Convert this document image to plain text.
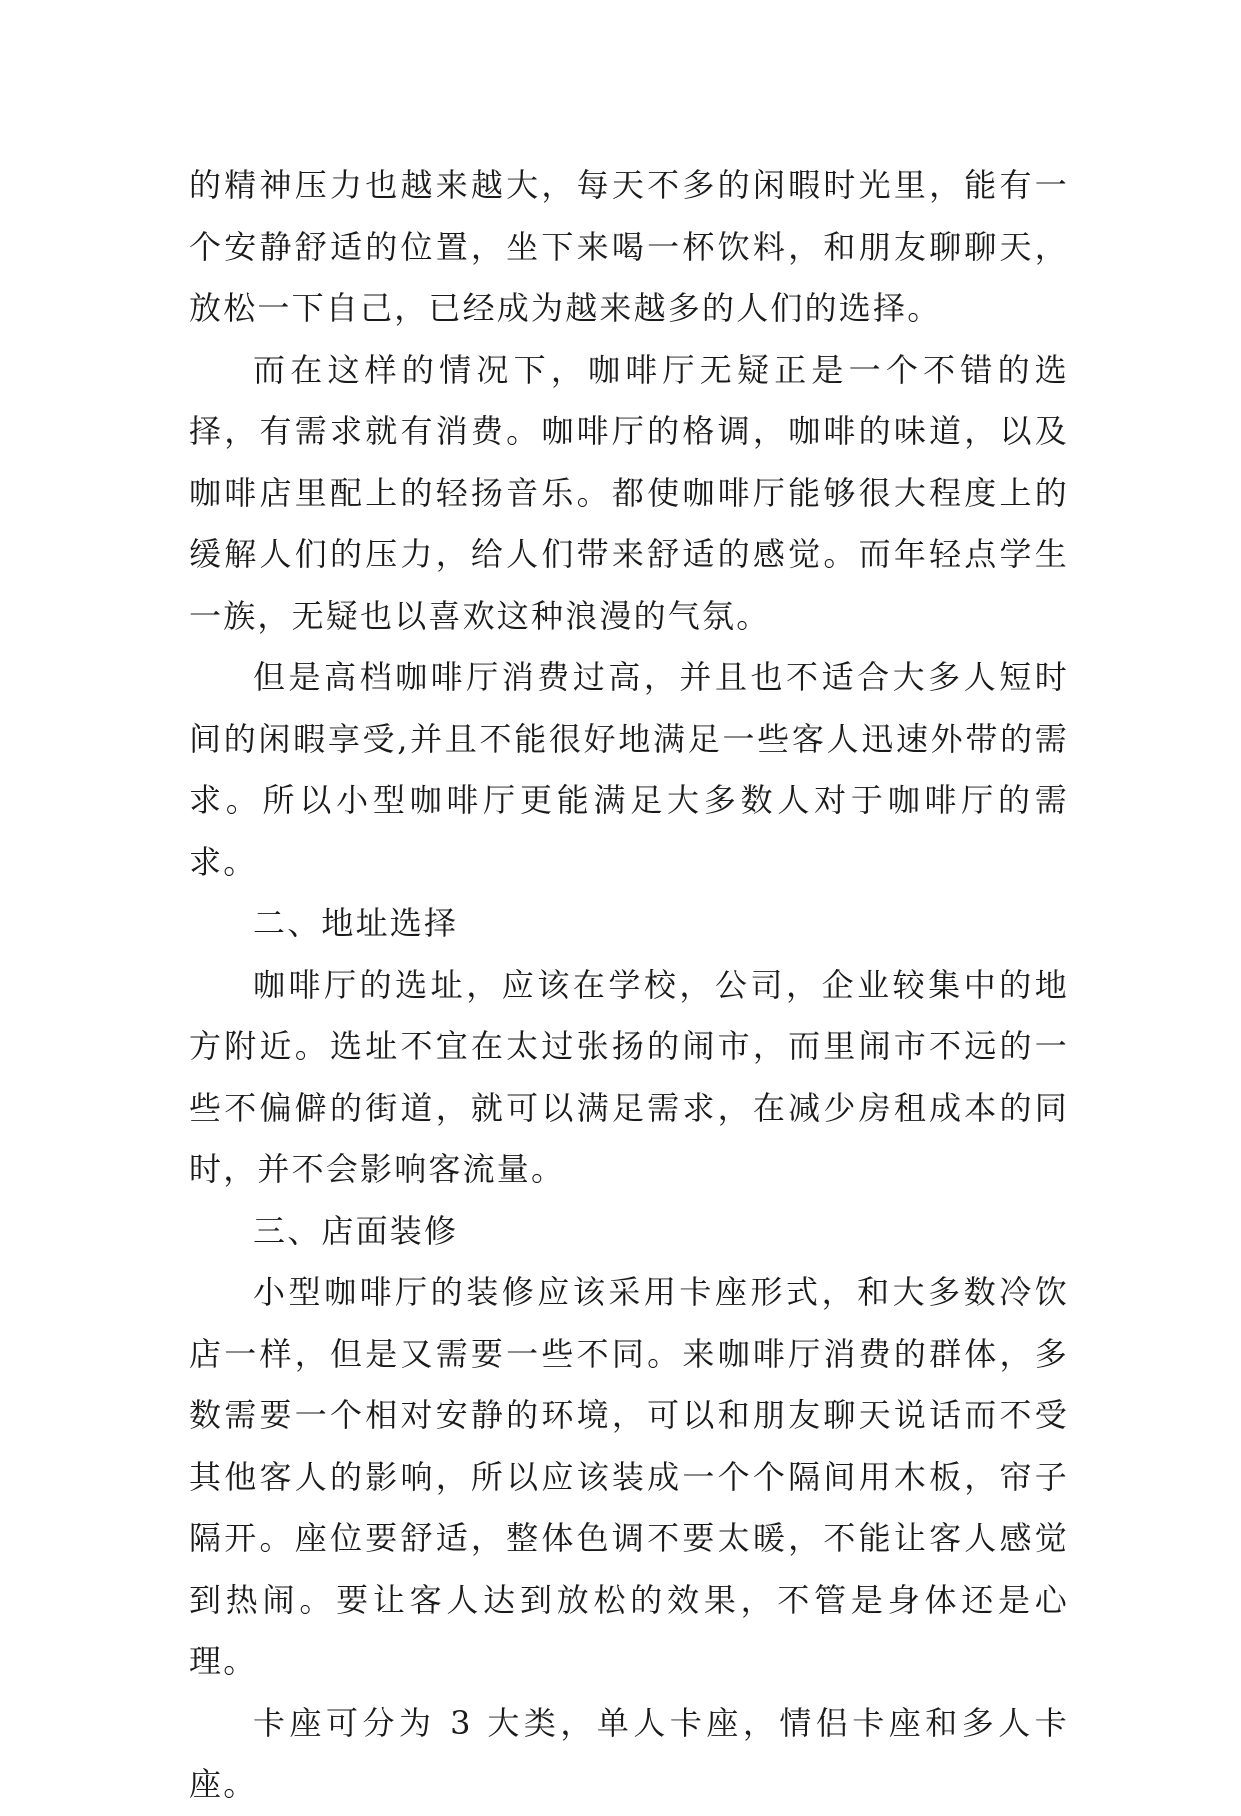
的精神压力也越来越大，每天不多的闲暇时光里，能有一个安静舒适的位置，坐下来喝一杯饮料，和朋友聊聊天，放松一下自己，已经成为越来越多的人们的选择。

而在这样的情况下，咖啡厅无疑正是一个不错的选择，有需求就有消费。咖啡厅的格调，咖啡的味道，以及咖啡店里配上的轻扬音乐。都使咖啡厅能够很大程度上的缓解人们的压力，给人们带来舒适的感觉。而年轻点学生一族，无疑也以喜欢这种浪漫的气氛。

但是高档咖啡厅消费过高，并且也不适合大多人短时间的闲暇享受,并且不能很好地满足一些客人迅速外带的需求。所以小型咖啡厅更能满足大多数人对于咖啡厅的需求。

二、地址选择

咖啡厅的选址，应该在学校，公司，企业较集中的地方附近。选址不宜在太过张扬的闹市，而里闹市不远的一些不偏僻的街道，就可以满足需求，在减少房租成本的同时，并不会影响客流量。

三、店面装修

小型咖啡厅的装修应该采用卡座形式，和大多数冷饮店一样，但是又需要一些不同。来咖啡厅消费的群体，多数需要一个相对安静的环境，可以和朋友聊天说话而不受其他客人的影响，所以应该装成一个个隔间用木板，帘子隔开。座位要舒适，整体色调不要太暖，不能让客人感觉到热闹。要让客人达到放松的效果，不管是身体还是心理。

卡座可分为 3 大类，单人卡座，情侣卡座和多人卡座。
